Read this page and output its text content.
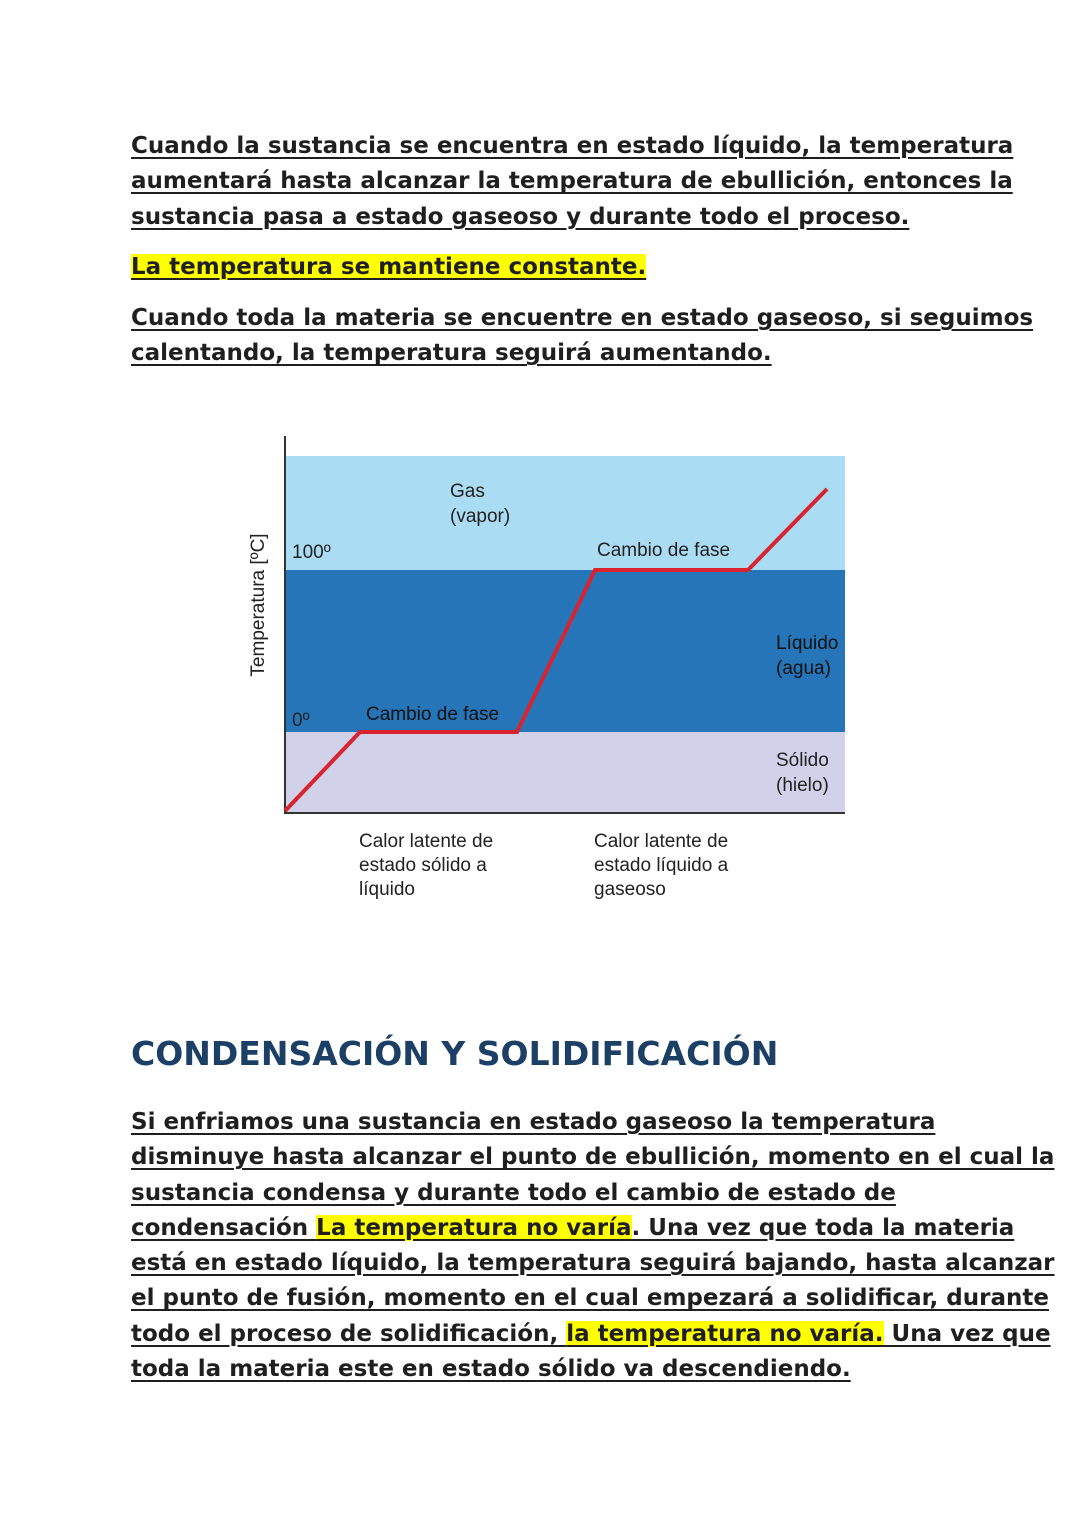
Cuando la sustancia se encuentra en estado líquido, la temperatura
aumentará hasta alcanzar la temperatura de ebullición, entonces la
sustancia pasa a estado gaseoso y durante todo el proceso.
La temperatura se mantiene constante.
Cuando toda la materia se encuentre en estado gaseoso, si seguimos
calentando, la temperatura seguirá aumentando.
Temperatura [ºC] 100º
0º
Gas (vapor)
Líquido (agua)
Sólido (hielo)
Cambio de fase
Cambio de fase
Calor latente de estado sólido a líquido
Calor latente de estado líquido a gaseoso
CONDENSACIÓN Y SOLIDIFICACIÓN
Si enfriamos una sustancia en estado gaseoso la temperatura
disminuye hasta alcanzar el punto de ebullición, momento en el cual la
sustancia condensa y durante todo el cambio de estado de
condensación La temperatura no varía. Una vez que toda la materia
está en estado líquido, la temperatura seguirá bajando, hasta alcanzar
el punto de fusión, momento en el cual empezará a solidificar, durante
todo el proceso de solidificación, la temperatura no varía. Una vez que
toda la materia este en estado sólido va descendiendo.
